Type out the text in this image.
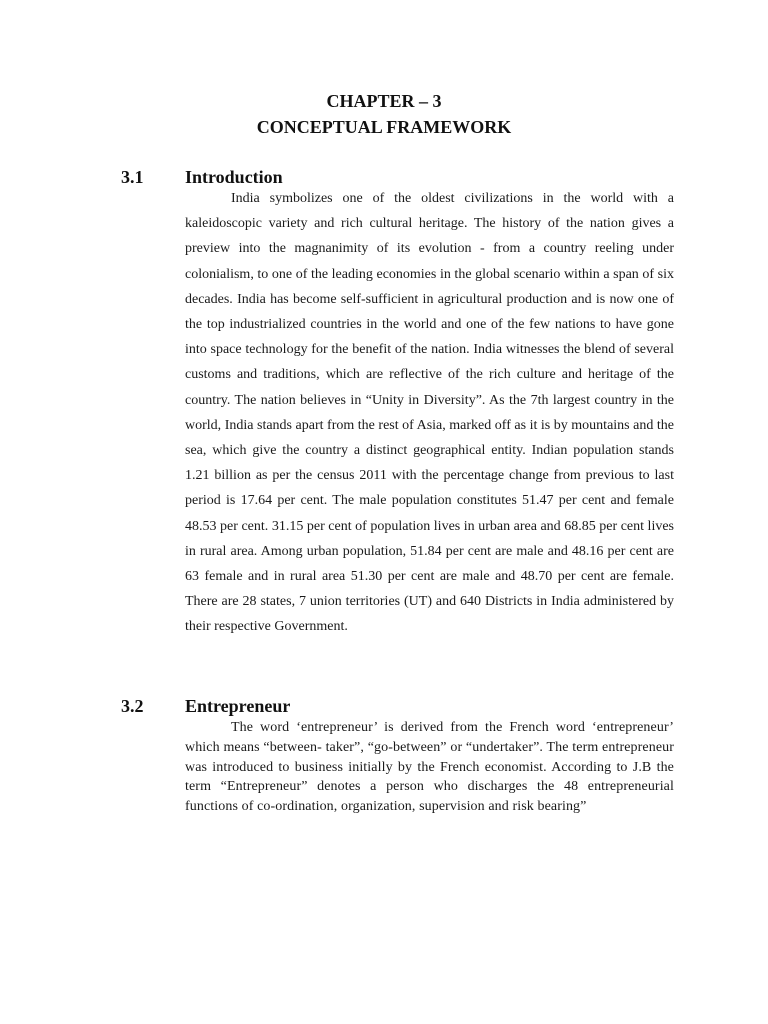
CHAPTER – 3
CONCEPTUAL FRAMEWORK
3.1 Introduction

India symbolizes one of the oldest civilizations in the world with a kaleidoscopic variety and rich cultural heritage. The history of the nation gives a preview into the magnanimity of its evolution - from a country reeling under colonialism, to one of the leading economies in the global scenario within a span of six decades. India has become self-sufficient in agricultural production and is now one of the top industrialized countries in the world and one of the few nations to have gone into space technology for the benefit of the nation. India witnesses the blend of several customs and traditions, which are reflective of the rich culture and heritage of the country. The nation believes in “Unity in Diversity”. As the 7th largest country in the world, India stands apart from the rest of Asia, marked off as it is by mountains and the sea, which give the country a distinct geographical entity. Indian population stands 1.21 billion as per the census 2011 with the percentage change from previous to last period is 17.64 per cent. The male population constitutes 51.47 per cent and female 48.53 per cent. 31.15 per cent of population lives in urban area and 68.85 per cent lives in rural area. Among urban population, 51.84 per cent are male and 48.16 per cent are 63 female and in rural area 51.30 per cent are male and 48.70 per cent are female. There are 28 states, 7 union territories (UT) and 640 Districts in India administered by their respective Government.

3.2 Entrepreneur

The word ‘entrepreneur’ is derived from the French word ‘entrepreneur’ which means “between- taker”, “go-between” or “undertaker”. The term entrepreneur was introduced to business initially by the French economist. According to J.B the term “Entrepreneur” denotes a person who discharges the 48 entrepreneurial functions of co-ordination, organization, supervision and risk bearing”
